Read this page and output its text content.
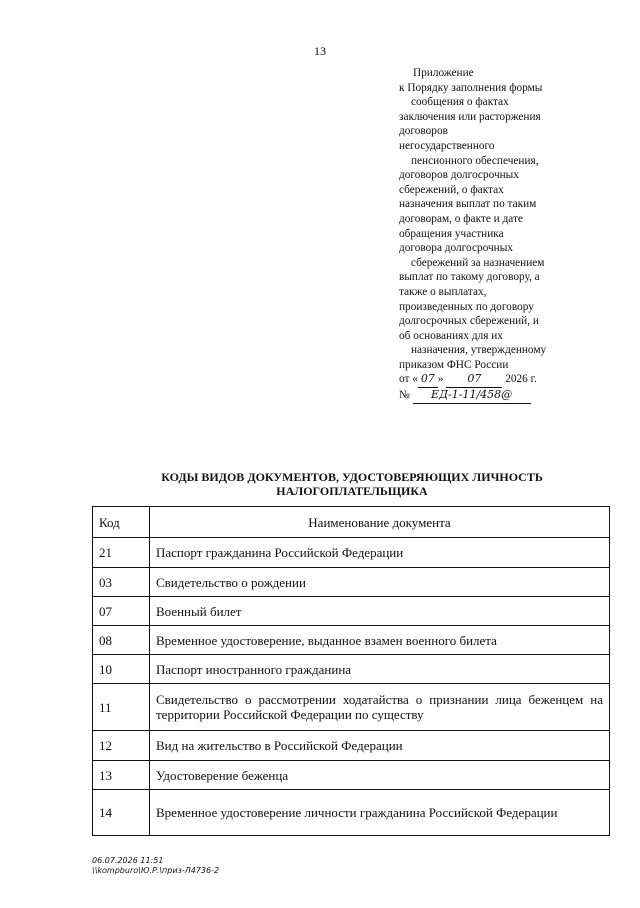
13
Приложение
к Порядку заполнения формы
сообщения о фактах
заключения или расторжения
договоров
негосударственного
пенсионного обеспечения,
договоров долгосрочных
сбережений, о фактах
назначения выплат по таким
договорам, о факте и дате
обращения участника
договора долгосрочных
сбережений за назначением
выплат по такому договору, а
также о выплатах,
произведенных по договору
долгосрочных сбережений, и
об основаниях для их
назначения, утвержденному
приказом ФНС России
от « 07 » 07 2026 г.
№ ЕД-1-11/458@
КОДЫ ВИДОВ ДОКУМЕНТОВ, УДОСТОВЕРЯЮЩИХ ЛИЧНОСТЬ
НАЛОГОПЛАТЕЛЬЩИКА
Код	Наименование документа
21	Паспорт гражданина Российской Федерации
03	Свидетельство о рождении
07	Военный билет
08	Временное удостоверение, выданное взамен военного билета
10	Паспорт иностранного гражданина
11	Свидетельство о рассмотрении ходатайства о признании лица беженцем на территории Российской Федерации по существу
12	Вид на жительство в Российской Федерации
13	Удостоверение беженца
14	Временное удостоверение личности гражданина Российской Федерации
06.07.2026 11:51
\\kompburo\Ю.Р.\приз-Л4736-2
